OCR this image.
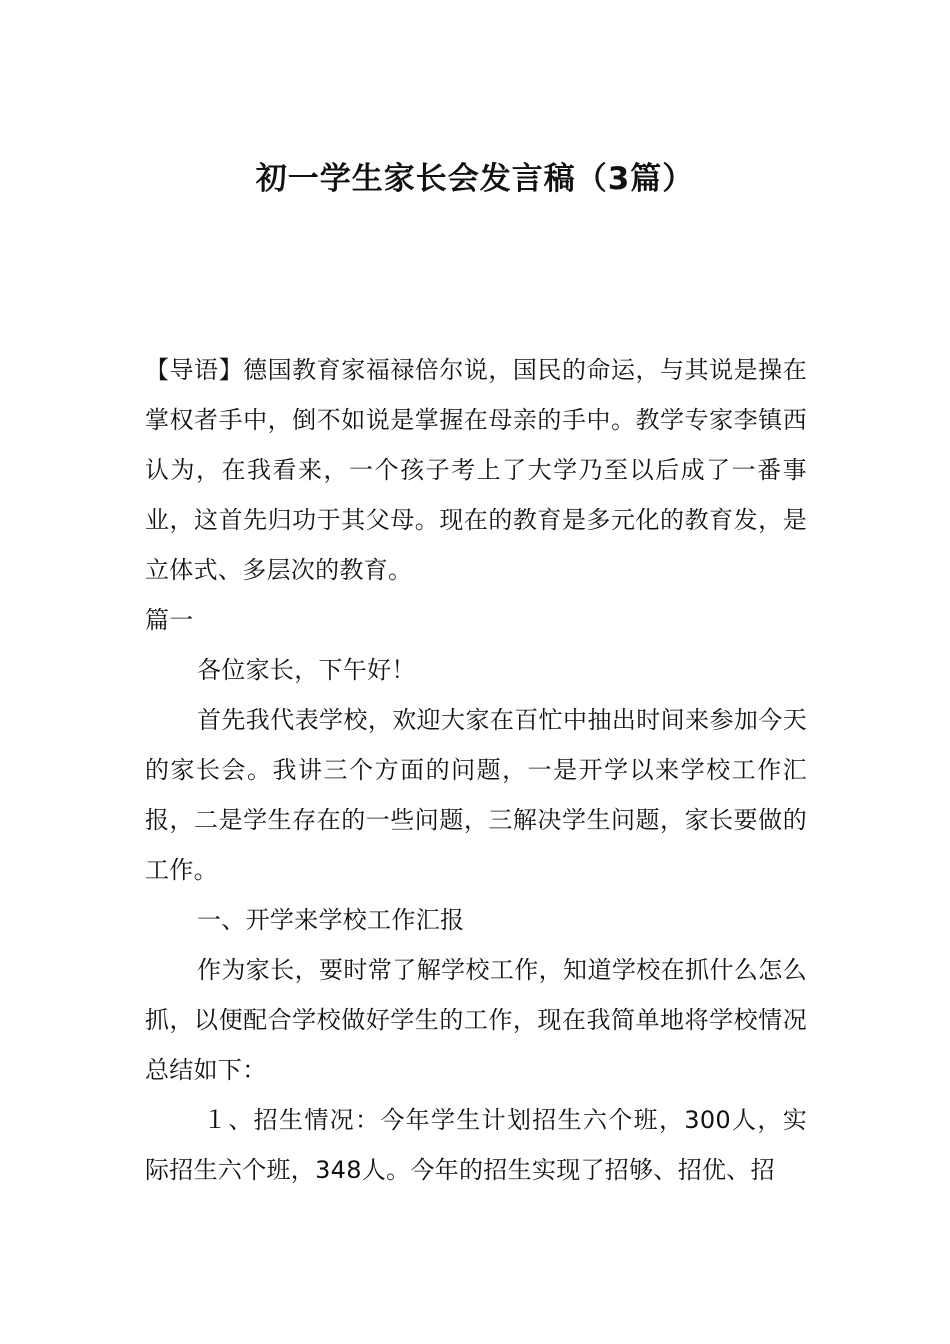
初一学生家长会发言稿（3篇）

【导语】德国教育家福禄倍尔说，国民的命运，与其说是操在掌权者手中，倒不如说是掌握在母亲的手中。教学专家李镇西认为，在我看来，一个孩子考上了大学乃至以后成了一番事业，这首先归功于其父母。现在的教育是多元化的教育发，是立体式、多层次的教育。

篇一

各位家长，下午好！

首先我代表学校，欢迎大家在百忙中抽出时间来参加今天的家长会。我讲三个方面的问题，一是开学以来学校工作汇报，二是学生存在的一些问题，三解决学生问题，家长要做的工作。

一、开学来学校工作汇报

作为家长，要时常了解学校工作，知道学校在抓什么怎么抓，以便配合学校做好学生的工作，现在我简单地将学校情况总结如下：

１、招生情况：今年学生计划招生六个班，300人，实际招生六个班，348人。今年的招生实现了招够、招优、招
